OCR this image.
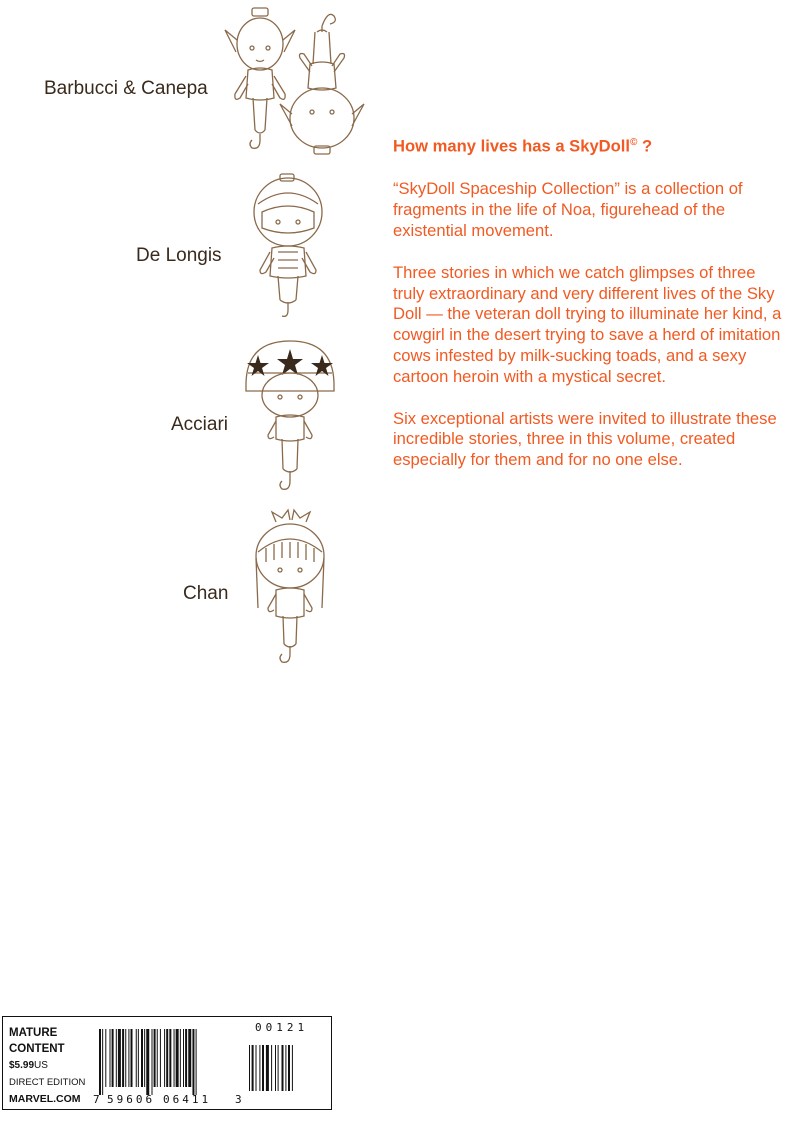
Barbucci & Canepa
De Longis
Acciari
Chan
How many lives has a SkyDoll© ?

“SkyDoll Spaceship Collection” is a collection of fragments in the life of Noa, figurehead of the existential movement.

Three stories in which we catch glimpses of three truly extraordinary and very different lives of the Sky Doll — the veteran doll trying to illuminate her kind, a cowgirl in the desert trying to save a herd of imitation cows infested by milk-sucking toads, and a sexy cartoon heroin with a mystical secret.

Six exceptional artists were invited to illustrate these incredible stories, three in this volume, created especially for them and for no one else.

MATURE
CONTENT
$5.99US
DIRECT EDITION
MARVEL.COM 7 59606 06411 3
00121
